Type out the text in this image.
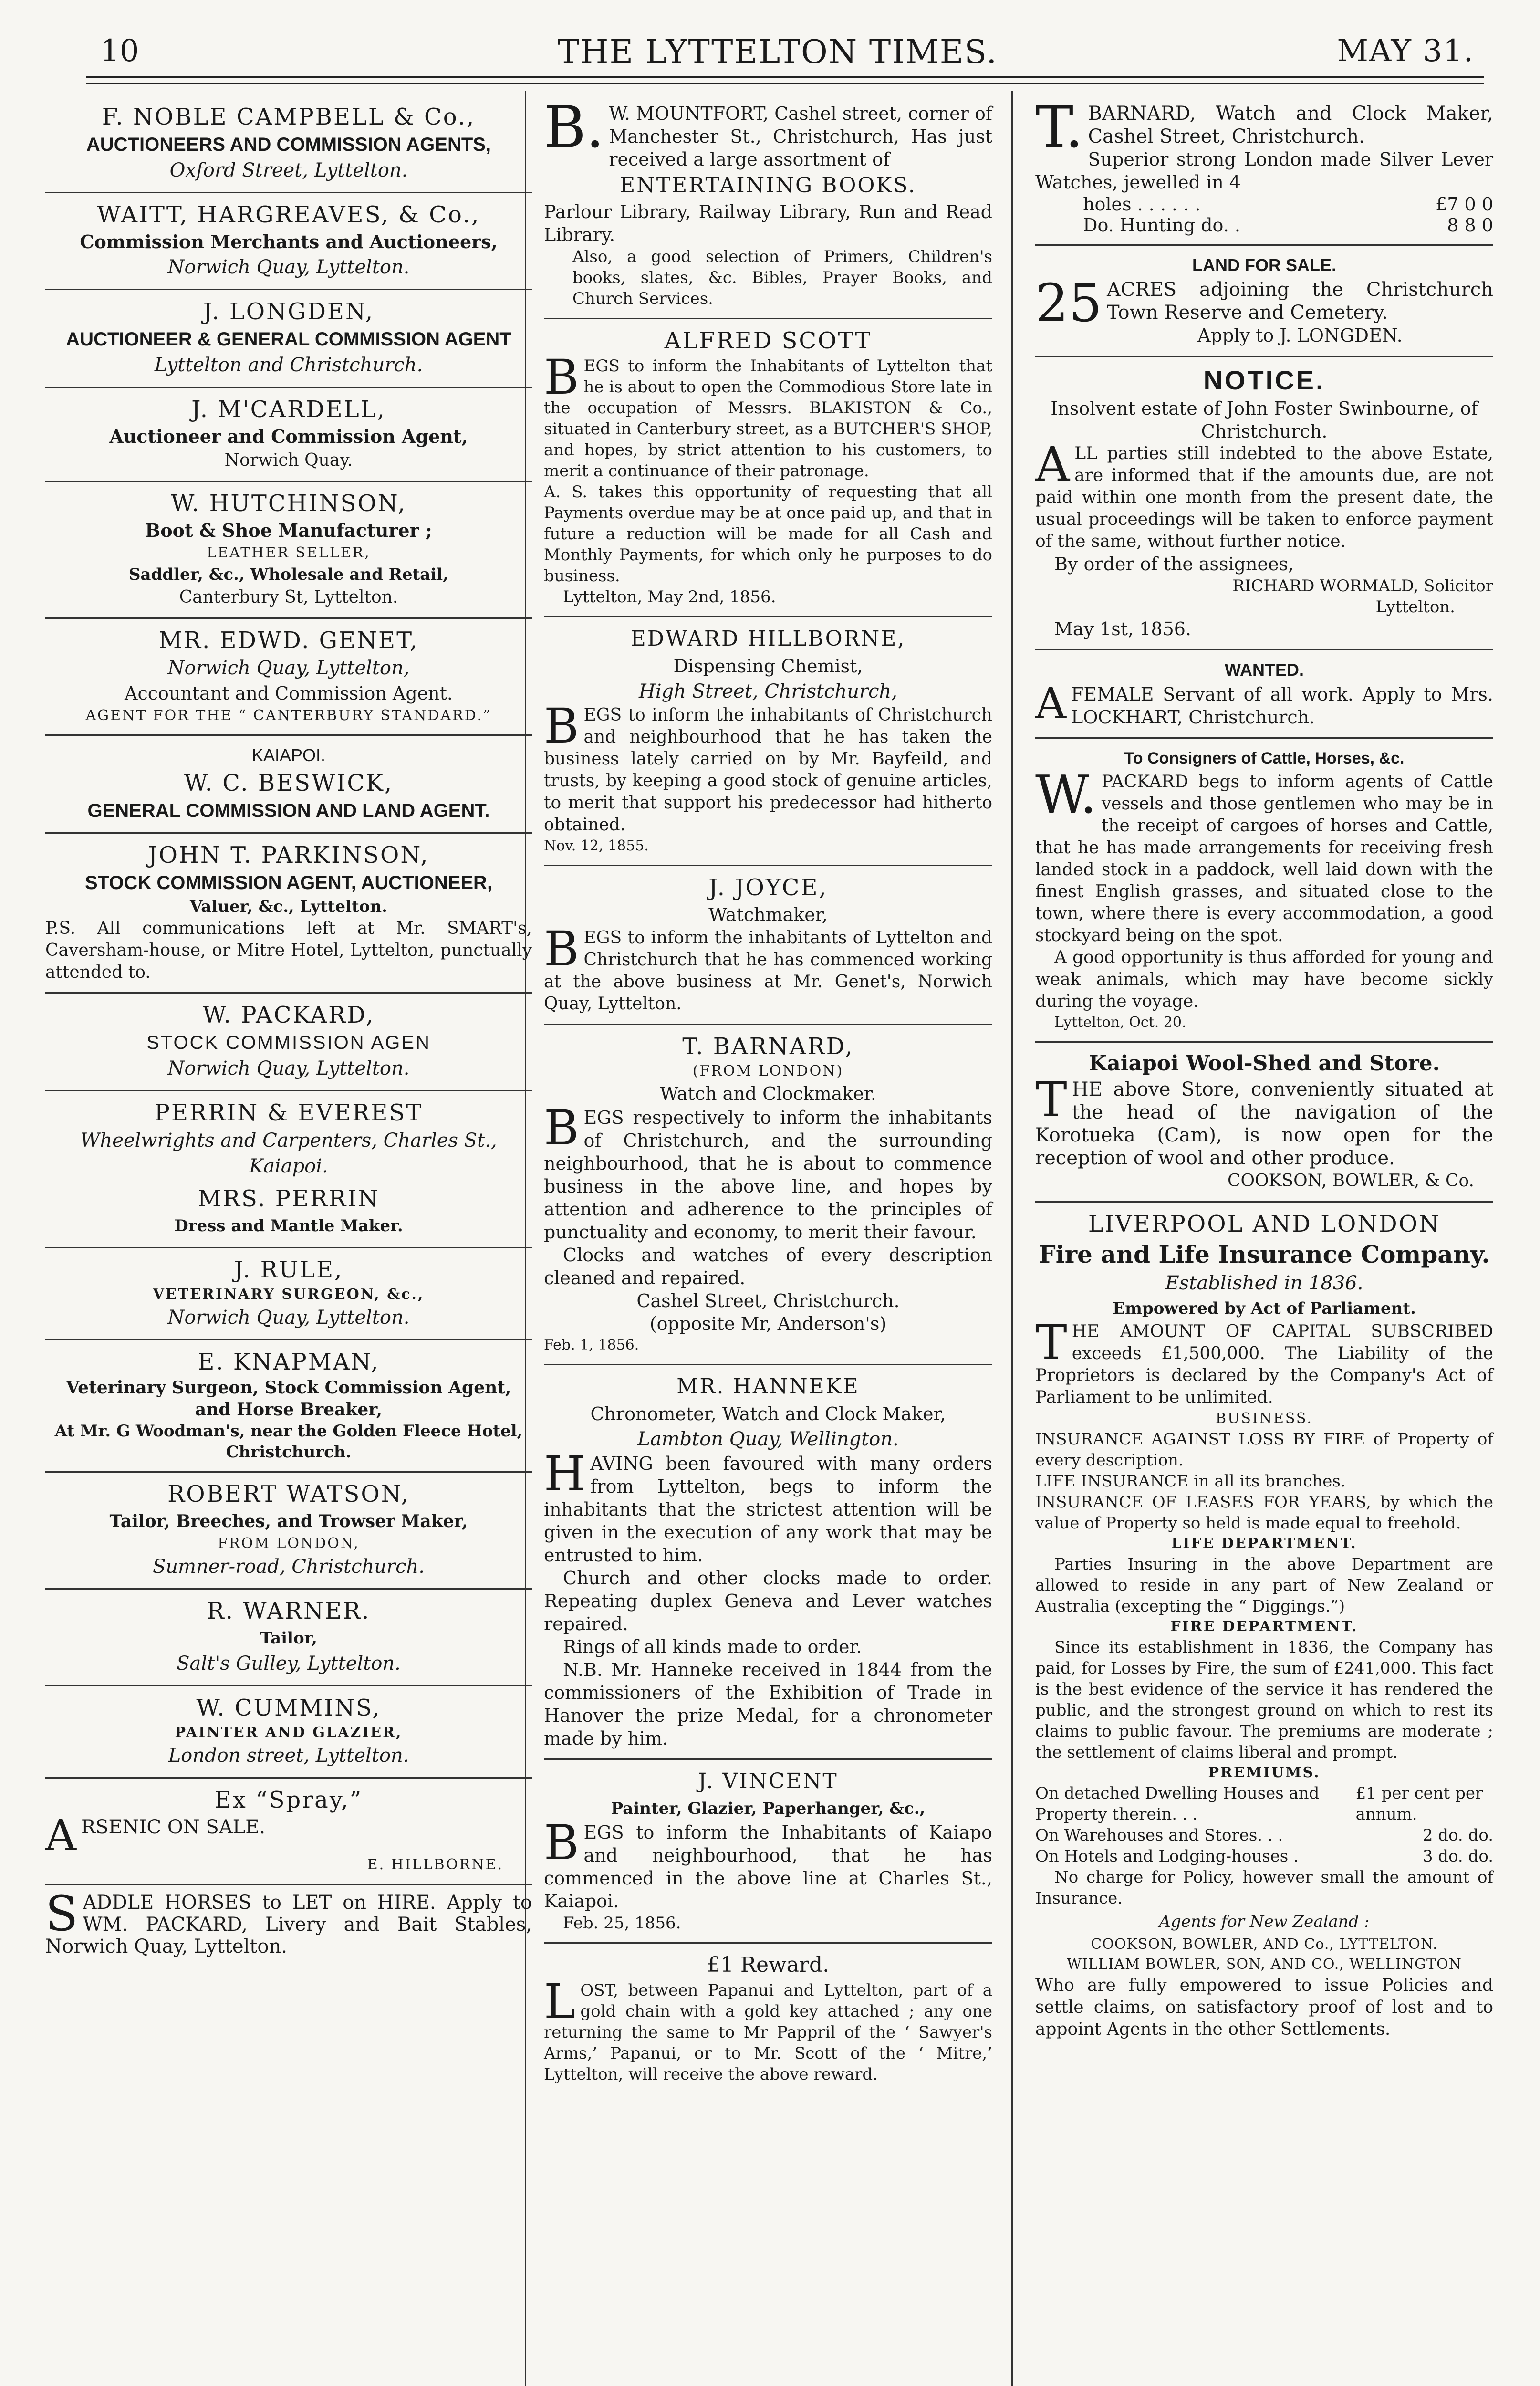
10	THE LYTTELTON TIMES.	MAY 31.
F. NOBLE CAMPBELL & Co.,
AUCTIONEERS AND COMMISSION AGENTS,
Oxford Street, Lyttelton.
WAITT, HARGREAVES, & Co.,
Commission Merchants and Auctioneers,
Norwich Quay, Lyttelton.
J. LONGDEN,
AUCTIONEER & GENERAL COMMISSION AGENT
Lyttelton and Christchurch.
J. M'CARDELL,
Auctioneer and Commission Agent,
Norwich Quay.
W. HUTCHINSON,
Boot & Shoe Manufacturer ;
LEATHER SELLER,
Saddler, &c., Wholesale and Retail,
Canterbury St, Lyttelton.
MR. EDWD. GENET,
Norwich Quay, Lyttelton,
Accountant and Commission Agent.
AGENT FOR THE “ CANTERBURY STANDARD.”
KAIAPOI.
W. C. BESWICK,
GENERAL COMMISSION AND LAND AGENT.
JOHN T. PARKINSON,
STOCK COMMISSION AGENT, AUCTIONEER,
Valuer, &c., Lyttelton.
P.S. All communications left at Mr. SMART's, Caversham-house, or Mitre Hotel, Lyttelton, punctually attended to.
W. PACKARD,
STOCK COMMISSION AGEN
Norwich Quay, Lyttelton.
PERRIN & EVEREST
Wheelwrights and Carpenters, Charles St., Kaiapoi.
MRS. PERRIN
Dress and Mantle Maker.
J. RULE,
VETERINARY SURGEON, &c.,
Norwich Quay, Lyttelton.
E. KNAPMAN,
Veterinary Surgeon, Stock Commission Agent, and Horse Breaker,
At Mr. G Woodman's, near the Golden Fleece Hotel, Christchurch.
ROBERT WATSON,
Tailor, Breeches, and Trowser Maker,
FROM LONDON,
Sumner-road, Christchurch.
R. WARNER.
Tailor,
Salt's Gulley, Lyttelton.
W. CUMMINS,
PAINTER AND GLAZIER,
London street, Lyttelton.
Ex “Spray,”
A RSENIC ON SALE.
E. HILLBORNE.
S ADDLE HORSES to LET on HIRE. Apply to WM. PACKARD, Livery and Bait Stables, Norwich Quay, Lyttelton.
B. W. MOUNTFORT, Cashel street, corner of Manchester St., Christchurch, Has just received a large assortment of
ENTERTAINING BOOKS.
Parlour Library, Railway Library, Run and Read Library.
Also, a good selection of Primers, Children's books, slates, &c. Bibles, Prayer Books, and Church Services.
ALFRED SCOTT
B EGS to inform the Inhabitants of Lyttelton that he is about to open the Commodious Store late in the occupation of Messrs. BLAKISTON & Co., situated in Canterbury street, as a BUTCHER'S SHOP, and hopes, by strict attention to his customers, to merit a continuance of their patronage.
A. S. takes this opportunity of requesting that all Payments overdue may be at once paid up, and that in future a reduction will be made for all Cash and Monthly Payments, for which only he purposes to do business.
Lyttelton, May 2nd, 1856.
EDWARD HILLBORNE,
Dispensing Chemist,
High Street, Christchurch,
B EGS to inform the inhabitants of Christchurch and neighbourhood that he has taken the business lately carried on by Mr. Bayfeild, and trusts, by keeping a good stock of genuine articles, to merit that support his predecessor had hitherto obtained.
Nov. 12, 1855.
J. JOYCE,
Watchmaker,
B EGS to inform the inhabitants of Lyttelton and Christchurch that he has commenced working at the above business at Mr. Genet's, Norwich Quay, Lyttelton.
T. BARNARD,
(FROM LONDON)
Watch and Clockmaker.
B EGS respectively to inform the inhabitants of Christchurch, and the surrounding neighbourhood, that he is about to commence business in the above line, and hopes by attention and adherence to the principles of punctuality and economy, to merit their favour.
Clocks and watches of every description cleaned and repaired.
Cashel Street, Christchurch.
(opposite Mr, Anderson's)
Feb. 1, 1856.
MR. HANNEKE
Chronometer, Watch and Clock Maker,
Lambton Quay, Wellington.
H AVING been favoured with many orders from Lyttelton, begs to inform the inhabitants that the strictest attention will be given in the execution of any work that may be entrusted to him.
Church and other clocks made to order. Repeating duplex Geneva and Lever watches repaired.
Rings of all kinds made to order.
N.B. Mr. Hanneke received in 1844 from the commissioners of the Exhibition of Trade in Hanover the prize Medal, for a chronometer made by him.
J. VINCENT
Painter, Glazier, Paperhanger, &c.,
B EGS to inform the Inhabitants of Kaiapo and neighbourhood, that he has commenced in the above line at Charles St., Kaiapoi.
Feb. 25, 1856.
£1 Reward.
L OST, between Papanui and Lyttelton, part of a gold chain with a gold key attached ; any one returning the same to Mr Pappril of the ‘ Sawyer's Arms,’ Papanui, or to Mr. Scott of the ‘ Mitre,’ Lyttelton, will receive the above reward.
T. BARNARD, Watch and Clock Maker, Cashel Street, Christchurch.
Superior strong London made Silver Lever Watches, jewelled in 4
holes . . . . . .	£7 0 0
Do. Hunting do. .	8 8 0
LAND FOR SALE.
25 ACRES adjoining the Christchurch Town Reserve and Cemetery.
Apply to J. LONGDEN.
NOTICE.
Insolvent estate of John Foster Swinbourne, of Christchurch.
A LL parties still indebted to the above Estate, are informed that if the amounts due, are not paid within one month from the present date, the usual proceedings will be taken to enforce payment of the same, without further notice.
By order of the assignees,
RICHARD WORMALD, Solicitor
Lyttelton.
May 1st, 1856.
WANTED.
A FEMALE Servant of all work. Apply to Mrs. LOCKHART, Christchurch.
To Consigners of Cattle, Horses, &c.
W. PACKARD begs to inform agents of Cattle vessels and those gentlemen who may be in the receipt of cargoes of horses and Cattle, that he has made arrangements for receiving fresh landed stock in a paddock, well laid down with the finest English grasses, and situated close to the town, where there is every accommodation, a good stockyard being on the spot.
A good opportunity is thus afforded for young and weak animals, which may have become sickly during the voyage.
Lyttelton, Oct. 20.
Kaiapoi Wool-Shed and Store.
T HE above Store, conveniently situated at the head of the navigation of the Korotueka (Cam), is now open for the reception of wool and other produce.
COOKSON, BOWLER, & Co.
LIVERPOOL AND LONDON
Fire and Life Insurance Company.
Established in 1836.
Empowered by Act of Parliament.
T HE AMOUNT OF CAPITAL SUBSCRIBED exceeds £1,500,000. The Liability of the Proprietors is declared by the Company's Act of Parliament to be unlimited.
BUSINESS.
INSURANCE AGAINST LOSS BY FIRE of Property of every description.
LIFE INSURANCE in all its branches.
INSURANCE OF LEASES FOR YEARS, by which the value of Property so held is made equal to freehold.
LIFE DEPARTMENT.
Parties Insuring in the above Department are allowed to reside in any part of New Zealand or Australia (excepting the “ Diggings.”)
FIRE DEPARTMENT.
Since its establishment in 1836, the Company has paid, for Losses by Fire, the sum of £241,000. This fact is the best evidence of the service it has rendered the public, and the strongest ground on which to rest its claims to public favour. The premiums are moderate ; the settlement of claims liberal and prompt.
PREMIUMS.
On detached Dwelling Houses and Property therein. . .
£1 per cent per annum.
On Warehouses and Stores. . .	2 do. do.
On Hotels and Lodging-houses .	3 do. do.
No charge for Policy, however small the amount of Insurance.
Agents for New Zealand :
COOKSON, BOWLER, AND Co., LYTTELTON.
WILLIAM BOWLER, SON, AND CO., WELLINGTON
Who are fully empowered to issue Policies and settle claims, on satisfactory proof of lost and to appoint Agents in the other Settlements.
